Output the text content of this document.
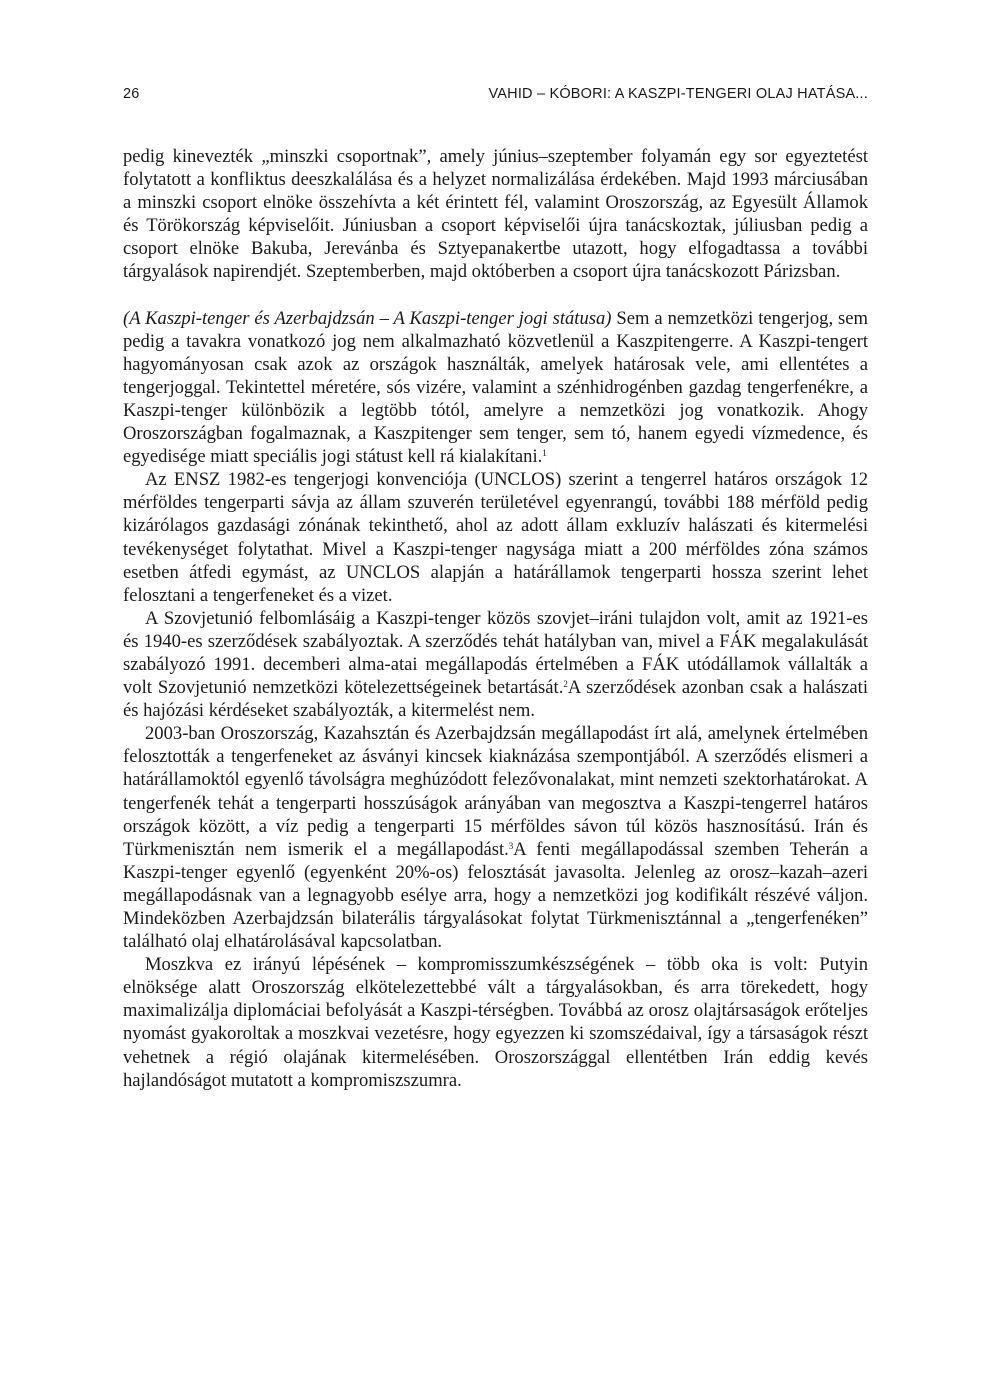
26	VAHID – KÓBORI: A KASZPI-TENGERI OLAJ HATÁSA...

pedig kinevezték „minszki csoportnak”, amely június–szeptember folyamán egy sor egyeztetést folytatott a konfliktus deeszkalálása és a helyzet normalizálása érdekében. Majd 1993 márciusában a minszki csoport elnöke összehívta a két érintett fél, valamint Oroszország, az Egyesült Államok és Törökország képviselőit. Júniusban a csoport képviselői újra tanácskoztak, júliusban pedig a csoport elnöke Bakuba, Jerevánba és Sztyepanakertbe utazott, hogy elfogadtassa a további tárgyalások napirendjét. Szeptemberben, majd októberben a csoport újra tanácskozott Párizsban.

(A Kaszpi-tenger és Azerbajdzsán – A Kaszpi-tenger jogi státusa) Sem a nemzetközi tengerjog, sem pedig a tavakra vonatkozó jog nem alkalmazható közvetlenül a Kaszpitengerre. A Kaszpi-tengert hagyományosan csak azok az országok használták, amelyek határosak vele, ami ellentétes a tengerjoggal. Tekintettel méretére, sós vizére, valamint a szénhidrogénben gazdag tengerfenékre, a Kaszpi-tenger különbözik a legtöbb tótól, amelyre a nemzetközi jog vonatkozik. Ahogy Oroszországban fogalmaznak, a Kaszpitenger sem tenger, sem tó, hanem egyedi vízmedence, és egyedisége miatt speciális jogi státust kell rá kialakítani.$^1$

Az ENSZ 1982-es tengerjogi konvenciója (UNCLOS) szerint a tengerrel határos országok 12 mérföldes tengerparti sávja az állam szuverén területével egyenrangú, további 188 mérföld pedig kizárólagos gazdasági zónának tekinthető, ahol az adott állam exkluzív halászati és kitermelési tevékenységet folytathat. Mivel a Kaszpi-tenger nagysága miatt a 200 mérföldes zóna számos esetben átfedi egymást, az UNCLOS alapján a határállamok tengerparti hossza szerint lehet felosztani a tengerfeneket és a vizet.

A Szovjetunió felbomlásáig a Kaszpi-tenger közös szovjet–iráni tulajdon volt, amit az 1921-es és 1940-es szerződések szabályoztak. A szerződés tehát hatályban van, mivel a FÁK megalakulását szabályozó 1991. decemberi alma-atai megállapodás értelmében a FÁK utódállamok vállalták a volt Szovjetunió nemzetközi kötelezettségeinek betartását.$^2$A szerződések azonban csak a halászati és hajózási kérdéseket szabályozták, a kitermelést nem.

2003-ban Oroszország, Kazahsztán és Azerbajdzsán megállapodást írt alá, amelynek értelmében felosztották a tengerfeneket az ásványi kincsek kiaknázása szempontjából. A szerződés elismeri a határállamoktól egyenlő távolságra meghúzódott felezővonalakat, mint nemzeti szektorhatárokat. A tengerfenék tehát a tengerparti hosszúságok arányában van megosztva a Kaszpi-tengerrel határos országok között, a víz pedig a tengerparti 15 mérföldes sávon túl közös hasznosítású. Irán és Türkmenisztán nem ismerik el a megállapodást.$^3$A fenti megállapodással szemben Teherán a Kaszpi-tenger egyenlő (egyenként 20%-os) felosztását javasolta. Jelenleg az orosz–kazah–azeri megállapodásnak van a legnagyobb esélye arra, hogy a nemzetközi jog kodifikált részévé váljon. Mindeközben Azerbajdzsán bilaterális tárgyalásokat folytat Türkmenisztánnal a „tengerfenéken” található olaj elhatárolásával kapcsolatban.

Moszkva ez irányú lépésének – kompromisszumkészségének – több oka is volt: Putyin elnöksége alatt Oroszország elkötelezettebbé vált a tárgyalásokban, és arra törekedett, hogy maximalizálja diplomáciai befolyását a Kaszpi-térségben. Továbbá az orosz olajtársaságok erőteljes nyomást gyakoroltak a moszkvai vezetésre, hogy egyezzen ki szomszédaival, így a társaságok részt vehetnek a régió olajának kitermelésében. Oroszországgal ellentétben Irán eddig kevés hajlandóságot mutatott a kompromiszszumra.
